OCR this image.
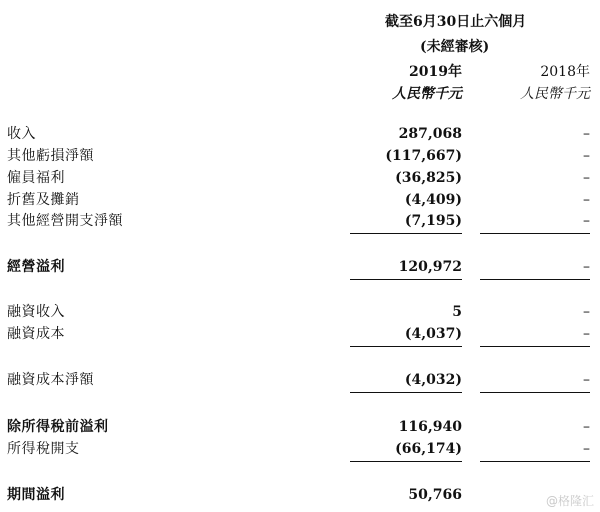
截至6月30日止六個月
(未經審核)
2019年	2018年
人民幣千元	人民幣千元
收入	287,068	–
其他虧損淨額	(117,667)	–
僱員福利	(36,825)	–
折舊及攤銷	(4,409)	–
其他經營開支淨額	(7,195)	–
經營溢利	120,972	–
融資收入	5	–
融資成本	(4,037)	–
融資成本淨額	(4,032)	–
除所得稅前溢利	116,940	–
所得稅開支	(66,174)	–
期間溢利	50,766	@格隆汇
